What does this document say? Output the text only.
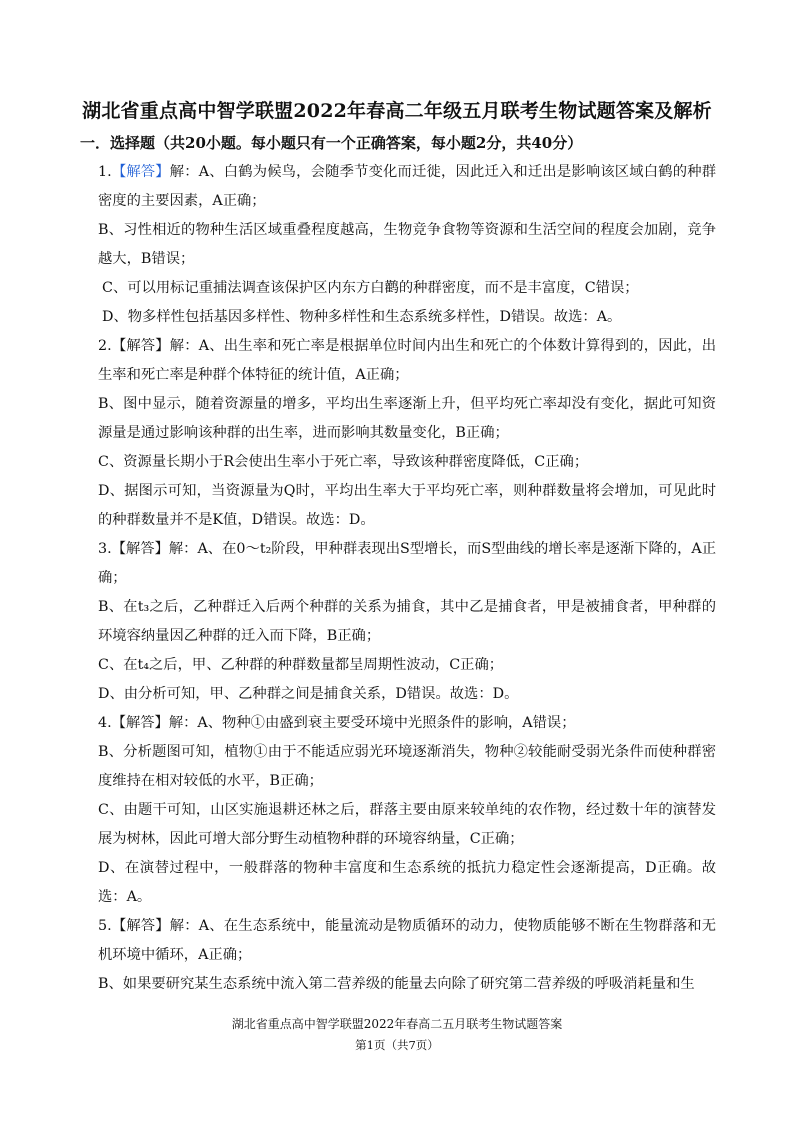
湖北省重点高中智学联盟2022年春高二年级五月联考生物试题答案及解析
一．选择题（共20小题。每小题只有一个正确答案，每小题2分，共40分）

1.【解答】解：A、白鹤为候鸟，会随季节变化而迁徙，因此迁入和迁出是影响该区域白鹤的种群密度的主要因素，A正确；

B、习性相近的物种生活区域重叠程度越高，生物竞争食物等资源和生活空间的程度会加剧，竞争越大，B错误；

C、可以用标记重捕法调查该保护区内东方白鹳的种群密度，而不是丰富度，C错误；

D、物多样性包括基因多样性、物种多样性和生态系统多样性，D错误。故选：A。

2.【解答】解：A、出生率和死亡率是根据单位时间内出生和死亡的个体数计算得到的，因此，出生率和死亡率是种群个体特征的统计值，A正确；

B、图中显示，随着资源量的增多，平均出生率逐渐上升，但平均死亡率却没有变化，据此可知资源量是通过影响该种群的出生率，进而影响其数量变化，B正确；

C、资源量长期小于R会使出生率小于死亡率，导致该种群密度降低，C正确；

D、据图示可知，当资源量为Q时，平均出生率大于平均死亡率，则种群数量将会增加，可见此时的种群数量并不是K值，D错误。故选：D。

3.【解答】解：A、在0～t₂阶段，甲种群表现出S型增长，而S型曲线的增长率是逐渐下降的，A正确；

B、在t₃之后，乙种群迁入后两个种群的关系为捕食，其中乙是捕食者，甲是被捕食者，甲种群的环境容纳量因乙种群的迁入而下降，B正确；

C、在t₄之后，甲、乙种群的种群数量都呈周期性波动，C正确；

D、由分析可知，甲、乙种群之间是捕食关系，D错误。故选：D。

4.【解答】解：A、物种①由盛到衰主要受环境中光照条件的影响，A错误；

B、分析题图可知，植物①由于不能适应弱光环境逐渐消失，物种②较能耐受弱光条件而使种群密度维持在相对较低的水平，B正确；

C、由题干可知，山区实施退耕还林之后，群落主要由原来较单纯的农作物，经过数十年的演替发展为树林，因此可增大部分野生动植物种群的环境容纳量，C正确；

D、在演替过程中，一般群落的物种丰富度和生态系统的抵抗力稳定性会逐渐提高，D正确。故选：A。

5.【解答】解：A、在生态系统中，能量流动是物质循环的动力，使物质能够不断在生物群落和无机环境中循环，A正确；

B、如果要研究某生态系统中流入第二营养级的能量去向除了研究第二营养级的呼吸消耗量和生

湖北省重点高中智学联盟2022年春高二五月联考生物试题答案
第1页（共7页）
